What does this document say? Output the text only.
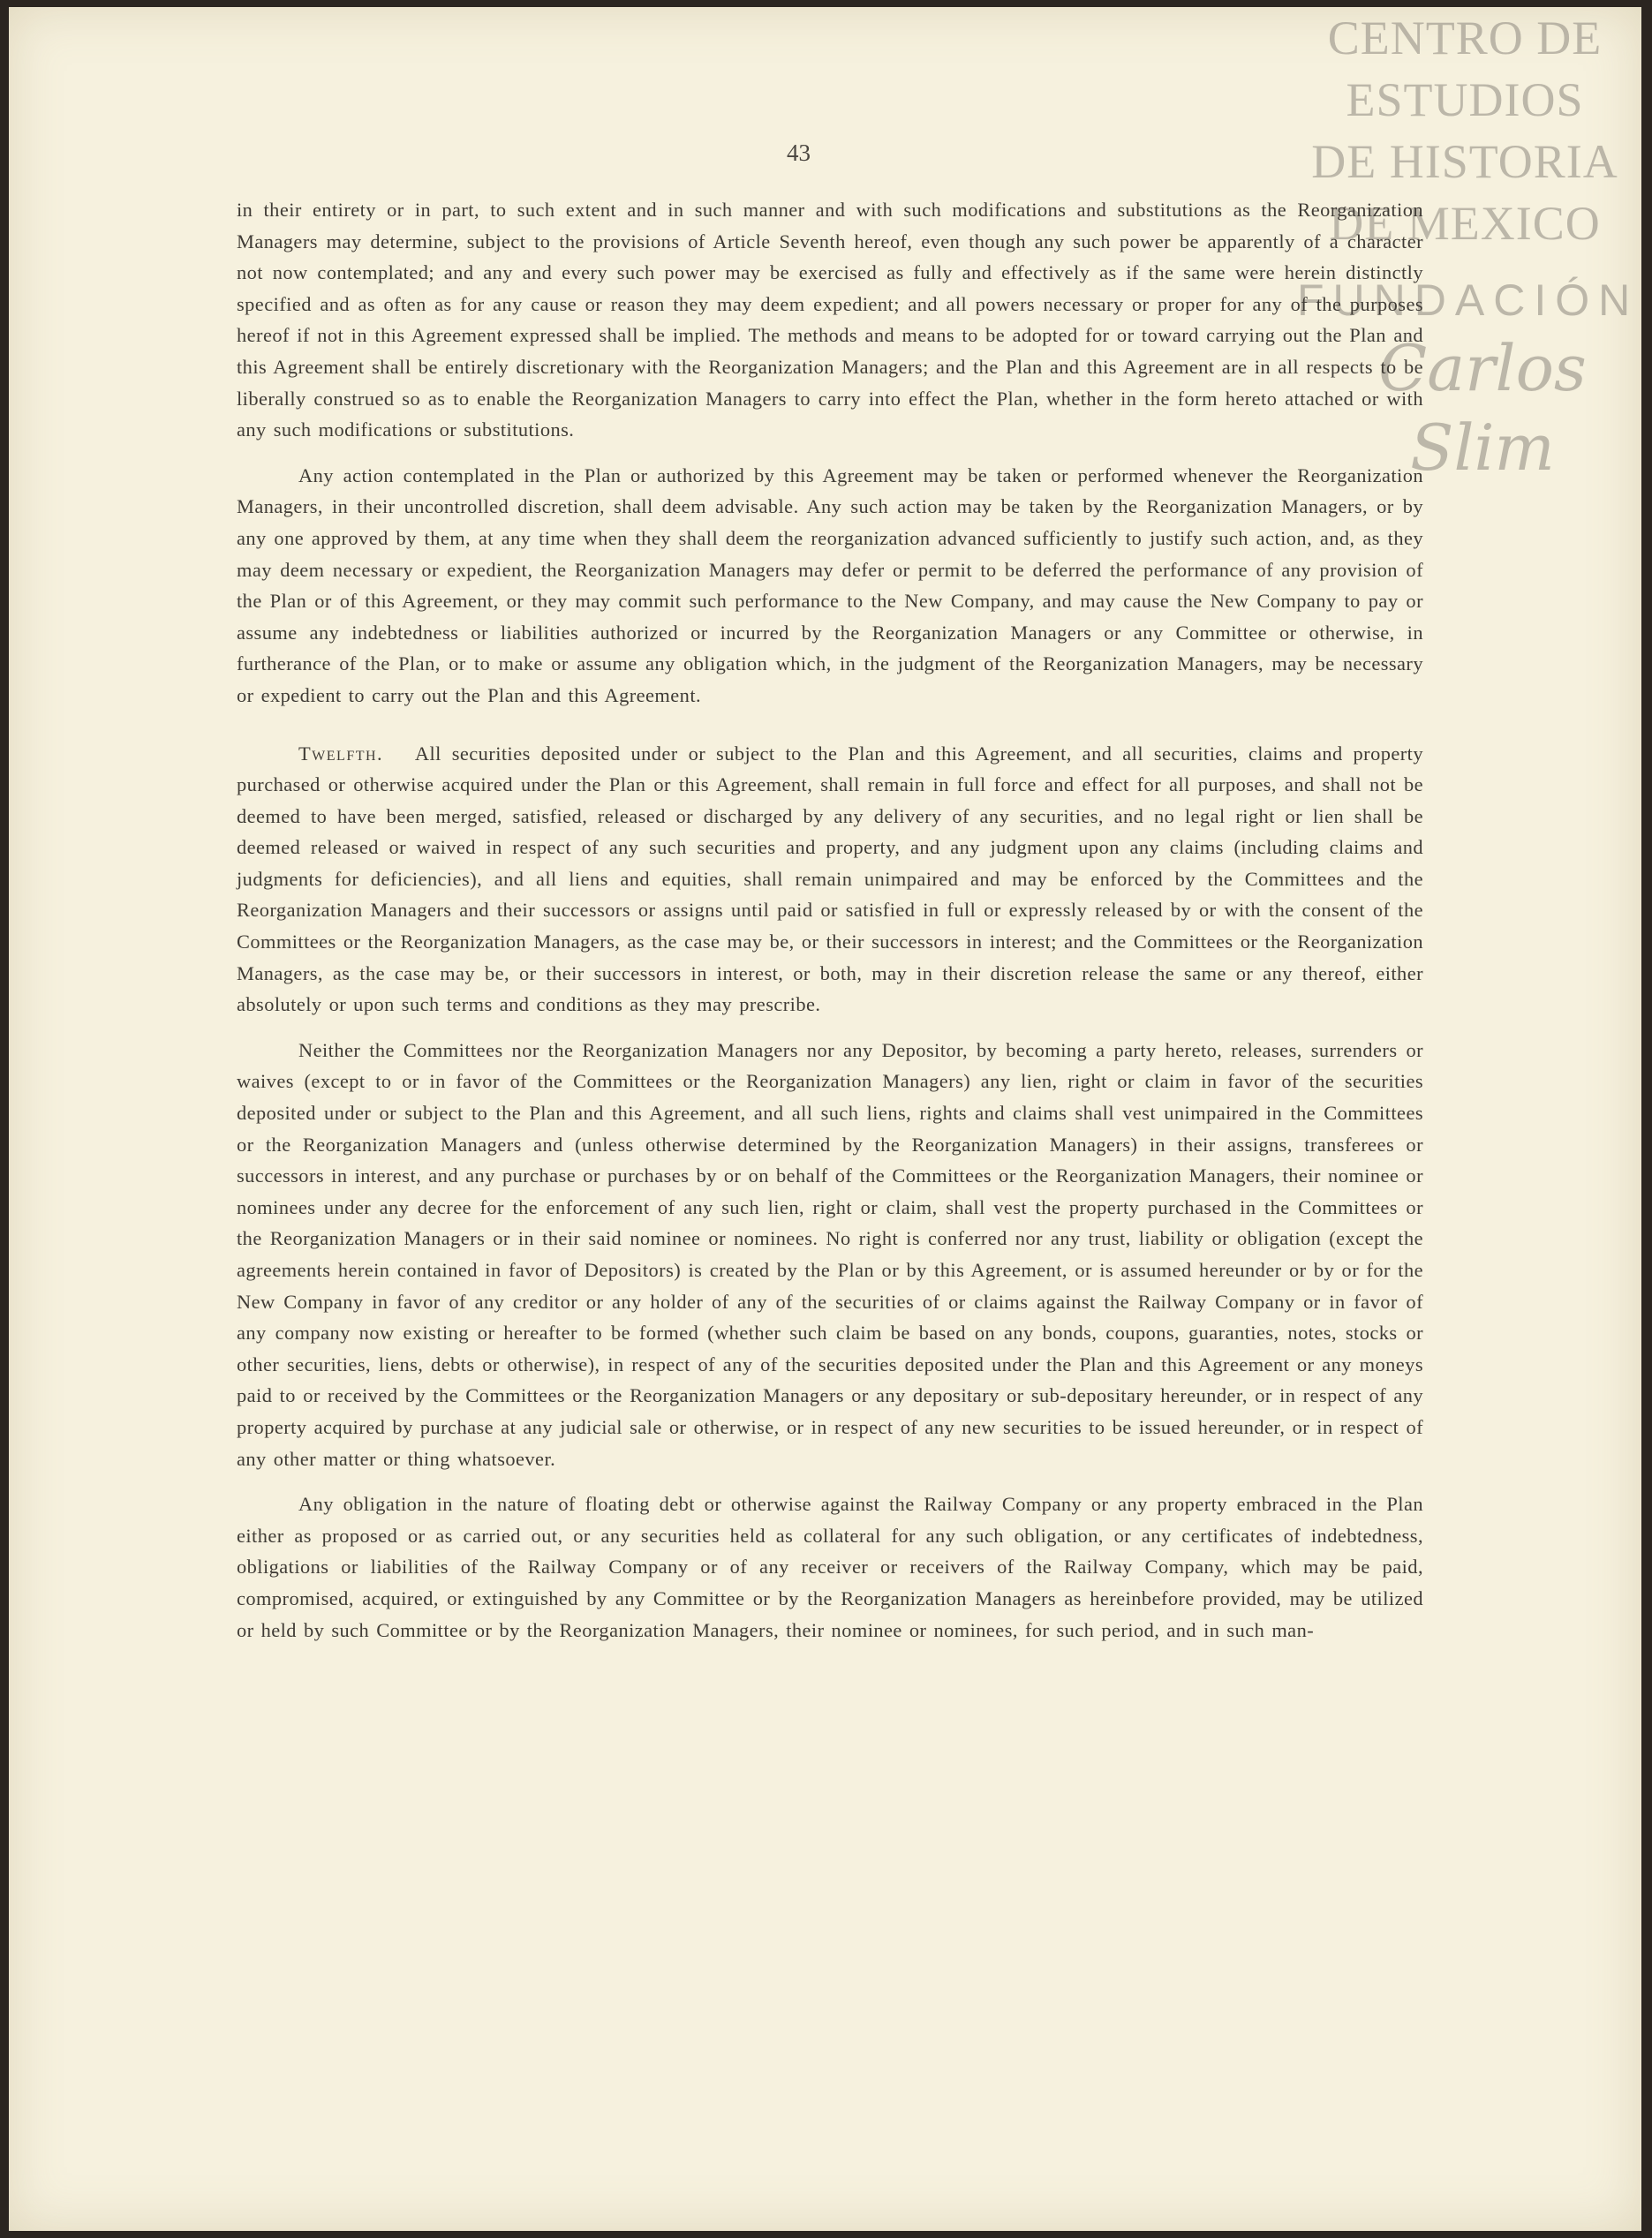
43
CENTRO DE
ESTUDIOS
DE HISTORIA
DE MEXICO
FUNDACIÓN
Carlos Slim

in their entirety or in part, to such extent and in such manner and with such modifications and substitutions as the Reorganization Managers may determine, subject to the provisions of Article Seventh hereof, even though any such power be apparently of a character not now contemplated; and any and every such power may be exercised as fully and effectively as if the same were herein distinctly specified and as often as for any cause or reason they may deem expedient; and all powers necessary or proper for any of the purposes hereof if not in this Agreement expressed shall be implied. The methods and means to be adopted for or toward carrying out the Plan and this Agreement shall be entirely discretionary with the Reorganization Managers; and the Plan and this Agreement are in all respects to be liberally construed so as to enable the Reorganization Managers to carry into effect the Plan, whether in the form hereto attached or with any such modifications or substitutions.

Any action contemplated in the Plan or authorized by this Agreement may be taken or performed whenever the Reorganization Managers, in their uncontrolled discretion, shall deem advisable. Any such action may be taken by the Reorganization Managers, or by any one approved by them, at any time when they shall deem the reorganization advanced sufficiently to justify such action, and, as they may deem necessary or expedient, the Reorganization Managers may defer or permit to be deferred the performance of any provision of the Plan or of this Agreement, or they may commit such performance to the New Company, and may cause the New Company to pay or assume any indebtedness or liabilities authorized or incurred by the Reorganization Managers or any Committee or otherwise, in furtherance of the Plan, or to make or assume any obligation which, in the judgment of the Reorganization Managers, may be necessary or expedient to carry out the Plan and this Agreement.

Twelfth. All securities deposited under or subject to the Plan and this Agreement, and all securities, claims and property purchased or otherwise acquired under the Plan or this Agreement, shall remain in full force and effect for all purposes, and shall not be deemed to have been merged, satisfied, released or discharged by any delivery of any securities, and no legal right or lien shall be deemed released or waived in respect of any such securities and property, and any judgment upon any claims (including claims and judgments for deficiencies), and all liens and equities, shall remain unimpaired and may be enforced by the Committees and the Reorganization Managers and their successors or assigns until paid or satisfied in full or expressly released by or with the consent of the Committees or the Reorganization Managers, as the case may be, or their successors in interest; and the Committees or the Reorganization Managers, as the case may be, or their successors in interest, or both, may in their discretion release the same or any thereof, either absolutely or upon such terms and conditions as they may prescribe.

Neither the Committees nor the Reorganization Managers nor any Depositor, by becoming a party hereto, releases, surrenders or waives (except to or in favor of the Committees or the Reorganization Managers) any lien, right or claim in favor of the securities deposited under or subject to the Plan and this Agreement, and all such liens, rights and claims shall vest unimpaired in the Committees or the Reorganization Managers and (unless otherwise determined by the Reorganization Managers) in their assigns, transferees or successors in interest, and any purchase or purchases by or on behalf of the Committees or the Reorganization Managers, their nominee or nominees under any decree for the enforcement of any such lien, right or claim, shall vest the property purchased in the Committees or the Reorganization Managers or in their said nominee or nominees. No right is conferred nor any trust, liability or obligation (except the agreements herein contained in favor of Depositors) is created by the Plan or by this Agreement, or is assumed hereunder or by or for the New Company in favor of any creditor or any holder of any of the securities of or claims against the Railway Company or in favor of any company now existing or hereafter to be formed (whether such claim be based on any bonds, coupons, guaranties, notes, stocks or other securities, liens, debts or otherwise), in respect of any of the securities deposited under the Plan and this Agreement or any moneys paid to or received by the Committees or the Reorganization Managers or any depositary or sub-depositary hereunder, or in respect of any property acquired by purchase at any judicial sale or otherwise, or in respect of any new securities to be issued hereunder, or in respect of any other matter or thing whatsoever.

Any obligation in the nature of floating debt or otherwise against the Railway Company or any property embraced in the Plan either as proposed or as carried out, or any securities held as collateral for any such obligation, or any certificates of indebtedness, obligations or liabilities of the Railway Company or of any receiver or receivers of the Railway Company, which may be paid, compromised, acquired, or extinguished by any Committee or by the Reorganization Managers as hereinbefore provided, may be utilized or held by such Committee or by the Reorganization Managers, their nominee or nominees, for such period, and in such man-
